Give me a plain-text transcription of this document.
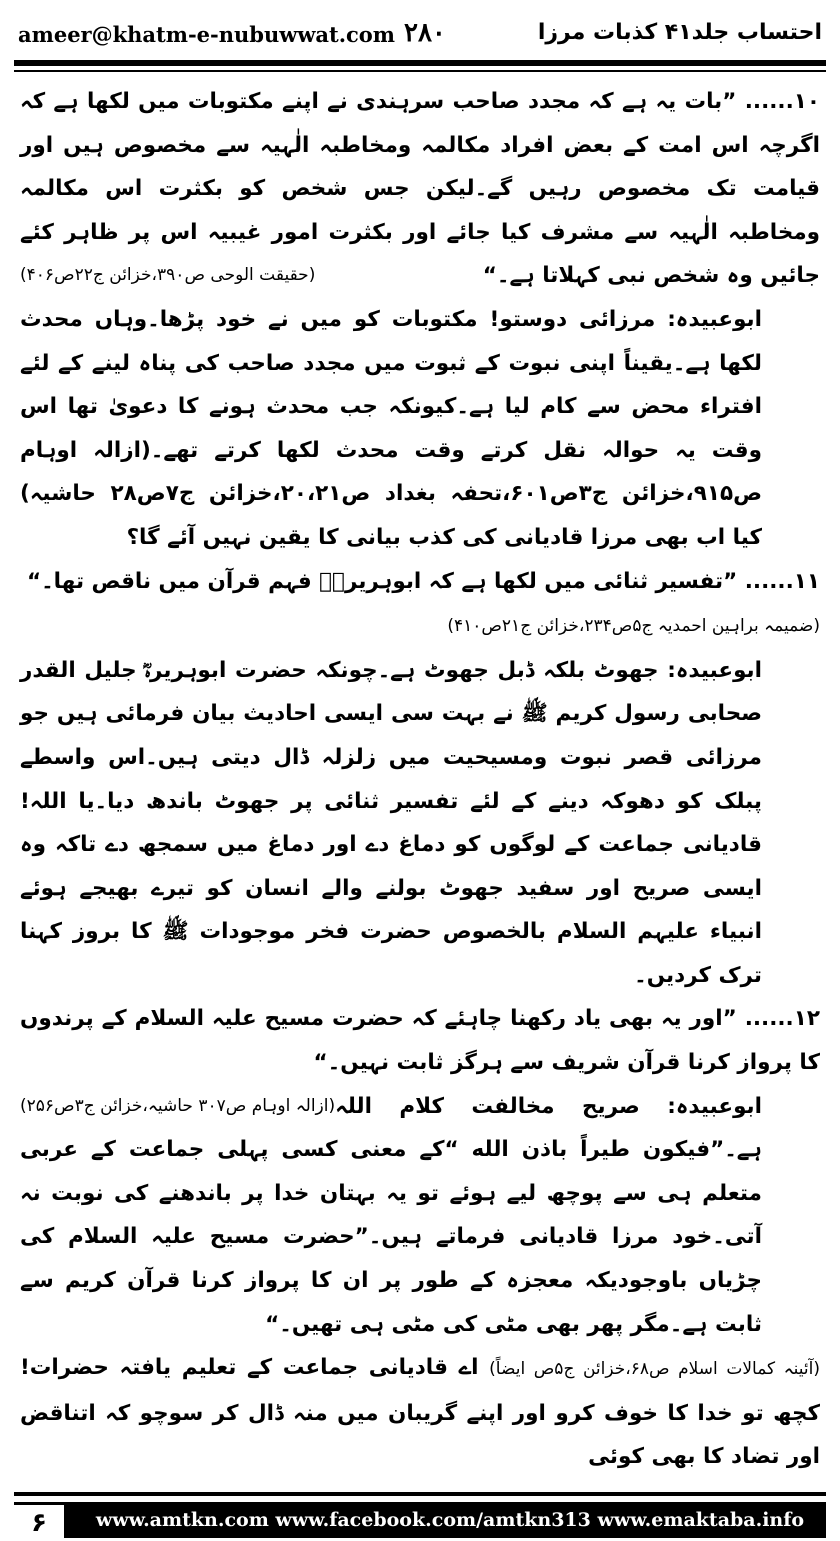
ameer@khatm-e-nubuwwat.com ۲۸۰	احتساب جلد۴۱ کذبات مرزا

۱۰...... ”بات یہ ہے کہ مجدد صاحب سرہندی نے اپنے مکتوبات میں لکھا ہے کہ اگرچہ اس امت کے بعض افراد مکالمہ ومخاطبہ الٰہیہ سے مخصوص ہیں اور قیامت تک مخصوص رہیں گے۔لیکن جس شخص کو بکثرت اس مکالمہ ومخاطبہ الٰہیہ سے مشرف کیا جائے اور بکثرت امور غیبیہ اس پر ظاہر کئے جائیں وہ شخص نبی کہلاتا ہے۔“
(حقیقت الوحی ص۳۹۰،خزائن ج۲۲ص۴۰۶)

ابوعبیدہ: مرزائی دوستو! مکتوبات کو میں نے خود پڑھا۔وہاں محدث لکھا ہے۔یقیناً اپنی نبوت کے ثبوت میں مجدد صاحب کی پناہ لینے کے لئے افتراء محض سے کام لیا ہے۔کیونکہ جب محدث ہونے کا دعویٰ تھا اس وقت یہ حوالہ نقل کرتے وقت محدث لکھا کرتے تھے۔(ازالہ اوہام ص۹۱۵،خزائن ج۳ص۶۰۱،تحفہ بغداد ص۲۰،۲۱،خزائن ج۷ص۲۸ حاشیہ) کیا اب بھی مرزا قادیانی کی کذب بیانی کا یقین نہیں آئے گا؟

۱۱...... ”تفسیر ثنائی میں لکھا ہے کہ ابوہریرہؓ فہم قرآن میں ناقص تھا۔“

(ضمیمہ براہین احمدیہ ج۵ص۲۳۴،خزائن ج۲۱ص۴۱۰)

ابوعبیدہ: جھوٹ بلکہ ڈبل جھوٹ ہے۔چونکہ حضرت ابوہریرہؓ جلیل القدر صحابی رسول کریم ﷺ نے بہت سی ایسی احادیث بیان فرمائی ہیں جو مرزائی قصر نبوت ومسیحیت میں زلزلہ ڈال دیتی ہیں۔اس واسطے پبلک کو دھوکہ دینے کے لئے تفسیر ثنائی پر جھوٹ باندھ دیا۔یا اللہ! قادیانی جماعت کے لوگوں کو دماغ دے اور دماغ میں سمجھ دے تاکہ وہ ایسی صریح اور سفید جھوٹ بولنے والے انسان کو تیرے بھیجے ہوئے انبیاء علیہم السلام بالخصوص حضرت فخر موجودات ﷺ کا بروز کہنا ترک کردیں۔

۱۲...... ”اور یہ بھی یاد رکھنا چاہئے کہ حضرت مسیح علیہ السلام کے پرندوں کا پرواز کرنا قرآن شریف سے ہرگز ثابت نہیں۔“
(ازالہ اوہام ص۳۰۷ حاشیہ،خزائن ج۳ص۲۵۶) ابوعبیدہ: صریح مخالفت کلام اللہ ہے۔”فیکون طیراً باذن الله “کے معنی کسی پہلی جماعت کے عربی متعلم ہی سے پوچھ لیے ہوئے تو یہ بہتان خدا پر باندھنے کی نوبت نہ آتی۔خود مرزا قادیانی فرماتے ہیں۔”حضرت مسیح علیہ السلام کی چڑیاں باوجودیکہ معجزہ کے طور پر ان کا پرواز کرنا قرآن کریم سے ثابت ہے۔مگر پھر بھی مٹی کی مٹی ہی تھیں۔“

(آئینہ کمالات اسلام ص۶۸،خزائن ج۵ص ایضاً) اے قادیانی جماعت کے تعلیم یافتہ حضرات! کچھ تو خدا کا خوف کرو اور اپنے گریبان میں منہ ڈال کر سوچو کہ اتناقض اور تضاد کا بھی کوئی

۶	www.amtkn.com www.facebook.com/amtkn313 www.emaktaba.info
